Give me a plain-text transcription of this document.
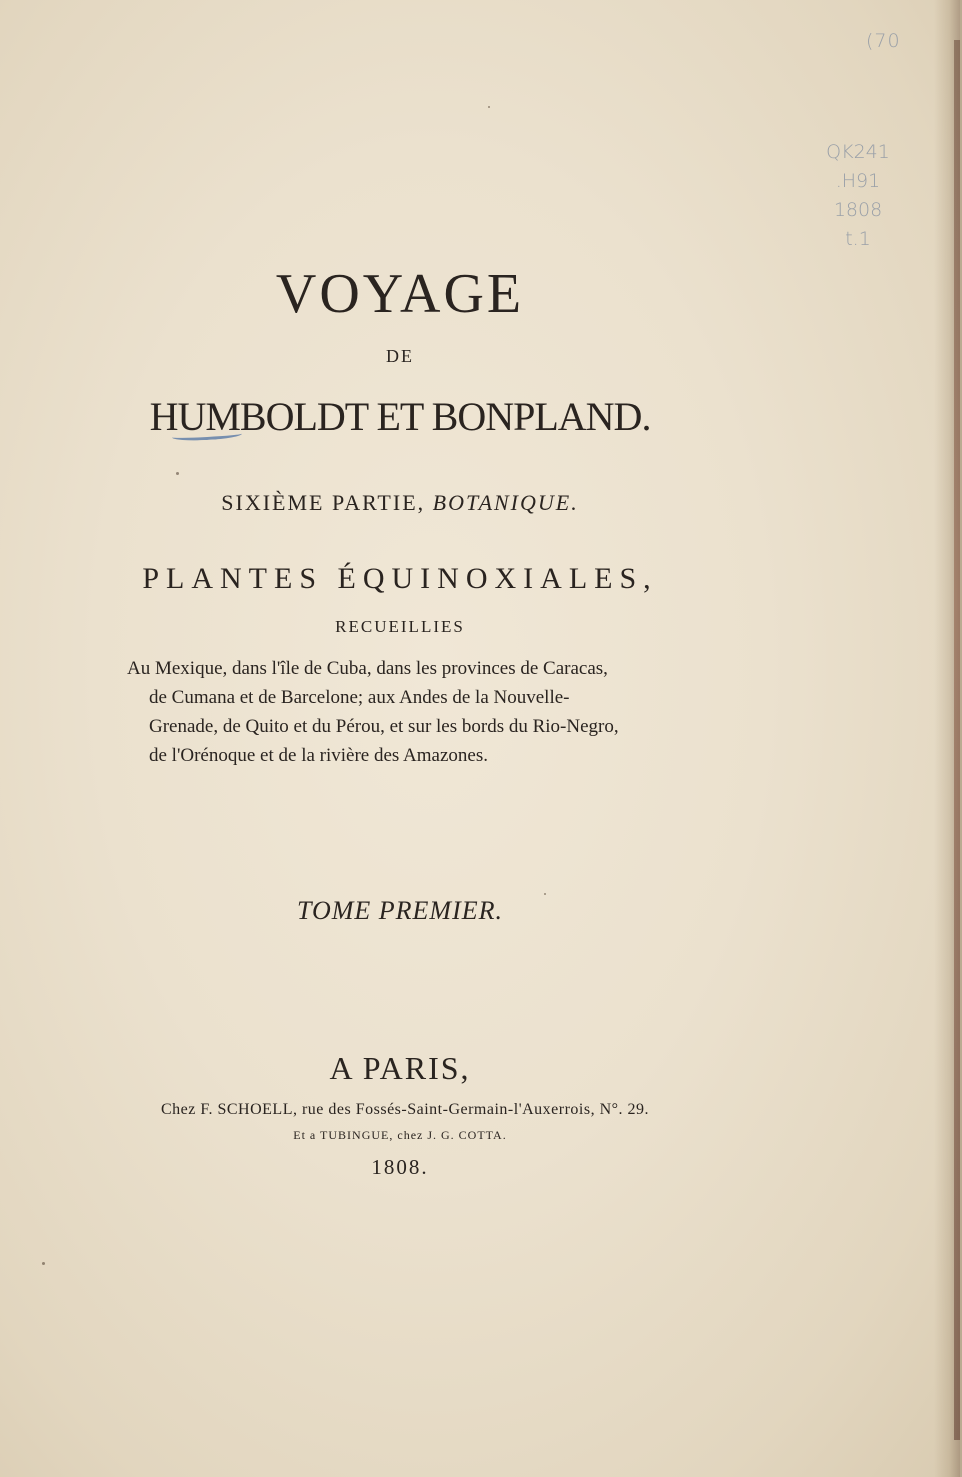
(70
QK241
.H91
1808
t.1
VOYAGE
DE
HUMBOLDT ET BONPLAND.
SIXIÈME PARTIE, BOTANIQUE.
PLANTES ÉQUINOXIALES,
RECUEILLIES
Au Mexique, dans l'île de Cuba, dans les provinces de Caracas,
de Cumana et de Barcelone; aux Andes de la Nouvelle-
Grenade, de Quito et du Pérou, et sur les bords du Rio-Negro,
de l'Orénoque et de la rivière des Amazones.
TOME PREMIER.
A PARIS,
Chez F. SCHOELL, rue des Fossés-Saint-Germain-l'Auxerrois, N°. 29.
Et a TUBINGUE, chez J. G. COTTA.
1808.
